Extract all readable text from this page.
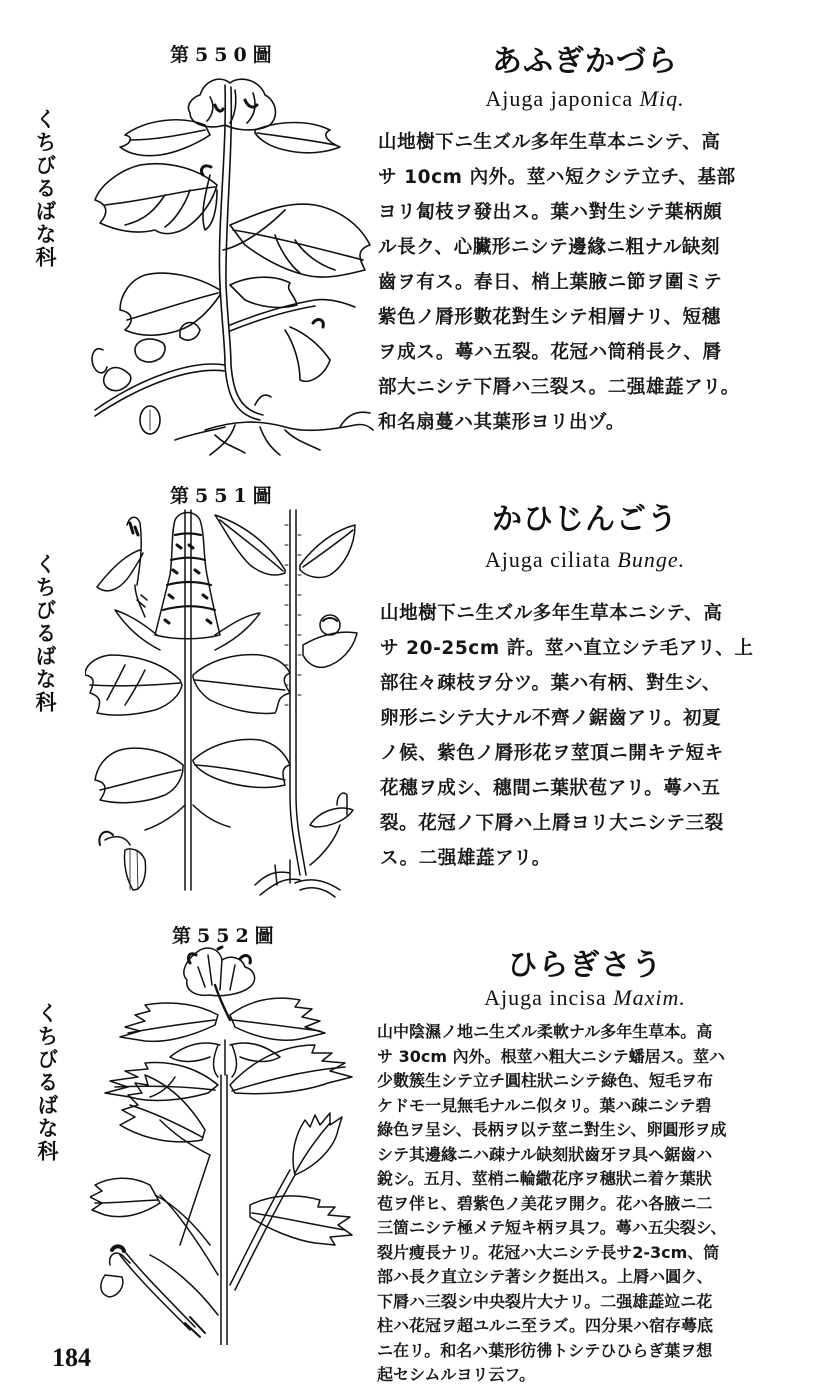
第550圖
くちびるばな科
あふぎかづら
Ajuga japonica Miq.
山地樹下ニ生ズル多年生草本ニシテ、高
サ 10cm 內外。莖ハ短クシテ立チ、基部
ヨリ匐枝ヲ發出ス。葉ハ對生シテ葉柄頗
ル長ク、心臟形ニシテ邊緣ニ粗ナル缺刻
齒ヲ有ス。春日、梢上葉腋ニ節ヲ圍ミテ
紫色ノ脣形數花對生シテ相層ナリ、短穗
ヲ成ス。蕚ハ五裂。花冠ハ筒稍長ク、脣
部大ニシテ下脣ハ三裂ス。二强雄蕋アリ。
和名扇蔓ハ其葉形ヨリ出ヅ。
第551圖
くちびるばな科
かひじんごう
Ajuga ciliata Bunge.
山地樹下ニ生ズル多年生草本ニシテ、高
サ 20-25cm 許。莖ハ直立シテ毛アリ、上
部往々疎枝ヲ分ツ。葉ハ有柄、對生シ、
卵形ニシテ大ナル不齊ノ鋸齒アリ。初夏
ノ候、紫色ノ脣形花ヲ莖頂ニ開キテ短キ
花穗ヲ成シ、穗間ニ葉狀苞アリ。蕚ハ五
裂。花冠ノ下脣ハ上脣ヨリ大ニシテ三裂
ス。二强雄蕋アリ。
第552圖
くちびるばな科
ひらぎさう
Ajuga incisa Maxim.
山中陰濕ノ地ニ生ズル柔軟ナル多年生草本。高
サ 30cm 內外。根莖ハ粗大ニシテ蟠居ス。莖ハ
少數簇生シテ立チ圓柱狀ニシテ綠色、短毛ヲ布
ケドモ一見無毛ナルニ似タリ。葉ハ疎ニシテ碧
綠色ヲ呈シ、長柄ヲ以テ莖ニ對生シ、卵圓形ヲ成
シテ其邊緣ニハ疎ナル缺刻狀齒牙ヲ具ヘ鋸齒ハ
銳シ。五月、莖梢ニ輪繖花序ヲ穗狀ニ着ケ葉狀
苞ヲ伴ヒ、碧紫色ノ美花ヲ開ク。花ハ各腋ニ二
三箇ニシテ極メテ短キ柄ヲ具フ。蕚ハ五尖裂シ、
裂片瘦長ナリ。花冠ハ大ニシテ長サ2-3cm、筒
部ハ長ク直立シテ著シク挺出ス。上脣ハ圓ク、
下脣ハ三裂シ中央裂片大ナリ。二强雄蕋竝ニ花
柱ハ花冠ヲ超ユルニ至ラズ。四分果ハ宿存蕚底
ニ在リ。和名ハ葉形彷彿トシテひひらぎ葉ヲ想
起セシムルヨリ云フ。
184
